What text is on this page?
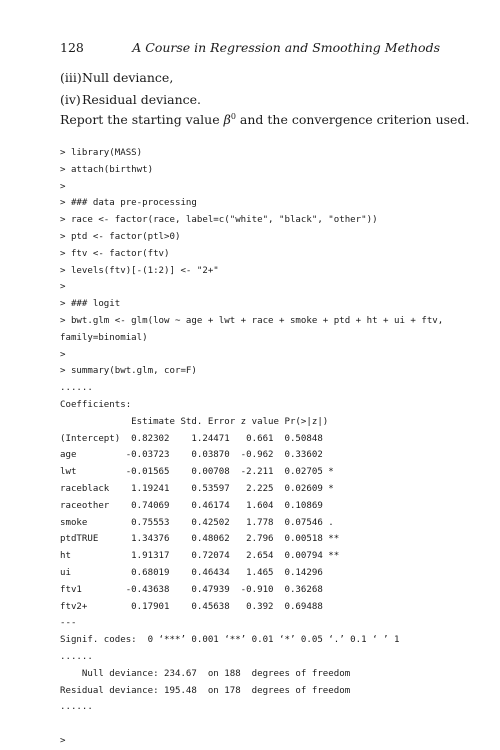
128	A Course in Regression and Smoothing Methods
(iii) Null deviance,
(iv) Residual deviance.
Report the starting value $\beta^0$ and the convergence criterion used.
> library(MASS)
> attach(birthwt)
>
> ### data pre-processing
> race <- factor(race, label=c("white", "black", "other"))
> ptd <- factor(ptl>0)
> ftv <- factor(ftv)
> levels(ftv)[-(1:2)] <- "2+"
>
> ### logit
> bwt.glm <- glm(low ~ age + lwt + race + smoke + ptd + ht + ui + ftv,
family=binomial)
>
> summary(bwt.glm, cor=F)
......
Coefficients:
Estimate Std. Error z value Pr(>|z|)
(Intercept)  0.82302    1.24471   0.661  0.50848
age         -0.03723    0.03870  -0.962  0.33602
lwt         -0.01565    0.00708  -2.211  0.02705 *
raceblack    1.19241    0.53597   2.225  0.02609 *
raceother    0.74069    0.46174   1.604  0.10869
smoke        0.75553    0.42502   1.778  0.07546 .
ptdTRUE      1.34376    0.48062   2.796  0.00518 **
ht           1.91317    0.72074   2.654  0.00794 **
ui           0.68019    0.46434   1.465  0.14296
ftv1        -0.43638    0.47939  -0.910  0.36268
ftv2+        0.17901    0.45638   0.392  0.69488
---
Signif. codes:  0 ‘***’ 0.001 ‘**’ 0.01 ‘*’ 0.05 ‘.’ 0.1 ‘ ’ 1
......
Null deviance: 234.67  on 188  degrees of freedom
Residual deviance: 195.48  on 178  degrees of freedom
......
>
